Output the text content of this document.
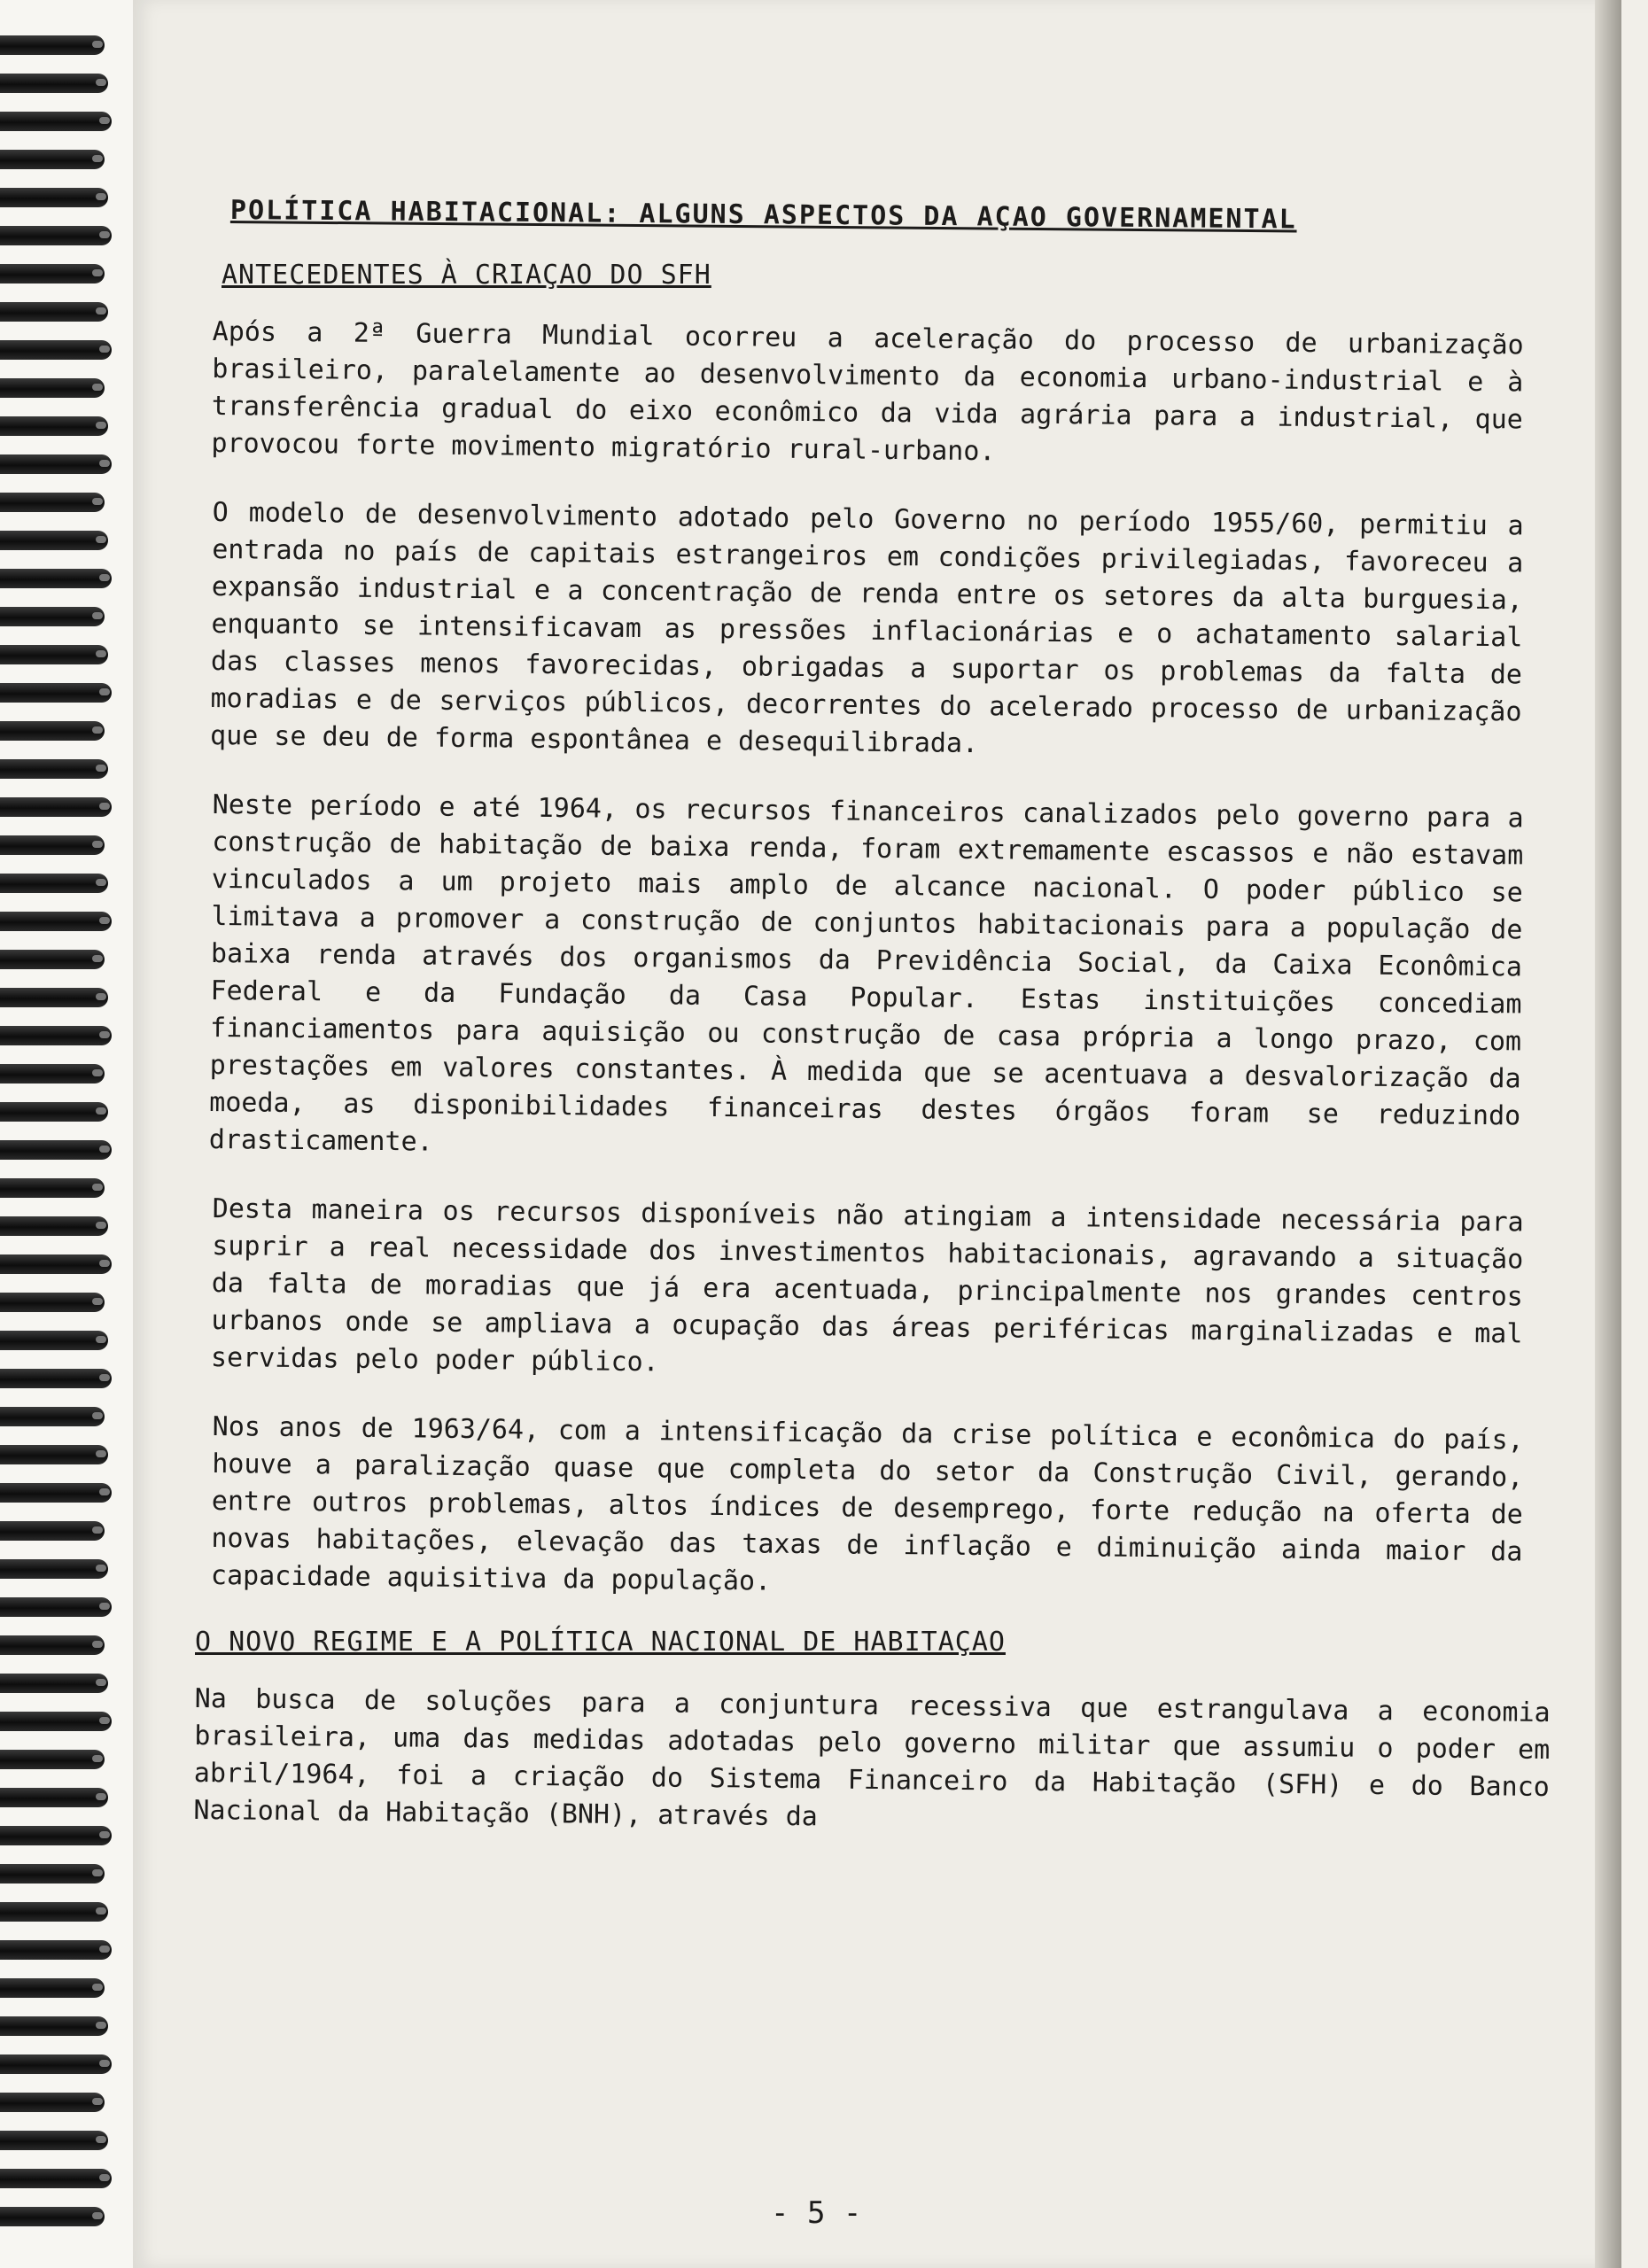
POLÍTICA HABITACIONAL: ALGUNS ASPECTOS DA AÇAO GOVERNAMENTAL
ANTECEDENTES À CRIAÇAO DO SFH

Após a 2ª Guerra Mundial ocorreu a aceleração do processo de urbanização brasileiro, paralelamente ao desenvolvimento da economia urbano-industrial e à transferência gradual do eixo econômico da vida agrária para a industrial, que provocou forte movimento migratório rural-urbano.

O modelo de desenvolvimento adotado pelo Governo no período 1955/60, permitiu a entrada no país de capitais estrangeiros em condições privilegiadas, favoreceu a expansão industrial e a concentração de renda entre os setores da alta burguesia, enquanto se intensificavam as pressões inflacionárias e o achatamento salarial das classes menos favorecidas, obrigadas a suportar os problemas da falta de moradias e de serviços públicos, decorrentes do acelerado processo de urbanização que se deu de forma espontânea e desequilibrada.

Neste período e até 1964, os recursos financeiros canalizados pelo governo para a construção de habitação de baixa renda, foram extremamente escassos e não estavam vinculados a um projeto mais amplo de alcance nacional. O poder público se limitava a promover a construção de conjuntos habitacionais para a população de baixa renda através dos organismos da Previdência Social, da Caixa Econômica Federal e da Fundação da Casa Popular. Estas instituições concediam financiamentos para aquisição ou construção de casa própria a longo prazo, com prestações em valores constantes. À medida que se acentuava a desvalorização da moeda, as disponibilidades financeiras destes órgãos foram se reduzindo drasticamente.

Desta maneira os recursos disponíveis não atingiam a intensidade necessária para suprir a real necessidade dos investimentos habitacionais, agravando a situação da falta de moradias que já era acentuada, principalmente nos grandes centros urbanos onde se ampliava a ocupação das áreas periféricas marginalizadas e mal servidas pelo poder público.

Nos anos de 1963/64, com a intensificação da crise política e econômica do país, houve a paralização quase que completa do setor da Construção Civil, gerando, entre outros problemas, altos índices de desemprego, forte redução na oferta de novas habitações, elevação das taxas de inflação e diminuição ainda maior da capacidade aquisitiva da população.

O NOVO REGIME E A POLÍTICA NACIONAL DE HABITAÇAO

Na busca de soluções para a conjuntura recessiva que estrangulava a economia brasileira, uma das medidas adotadas pelo governo militar que assumiu o poder em abril/1964, foi a criação do Sistema Financeiro da Habitação (SFH) e do Banco Nacional da Habitação (BNH), através da

- 5 -
